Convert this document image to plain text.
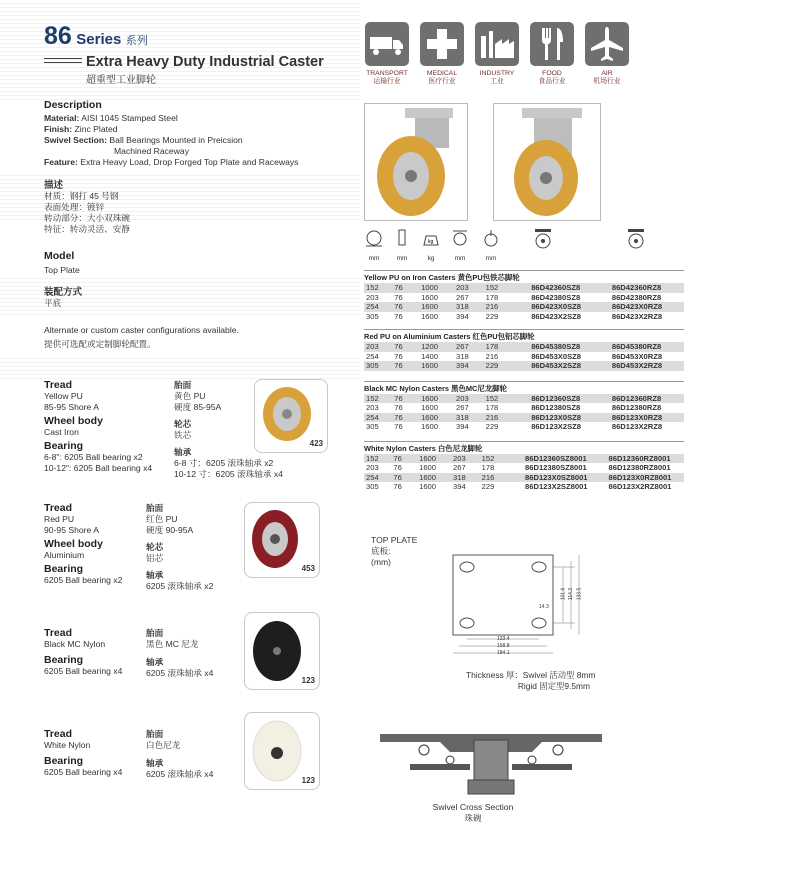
86 Series 系列
Extra Heavy Duty Industrial Caster
超重型工业脚轮
TRANSPORT
运输行业
MEDICAL
医疗行业
INDUSTRY
工业
FOOD
食品行业
AIR
机场行业
Description
Material: AISI 1045 Stamped Steel
Finish: Zinc Plated
Swivel Section: Ball Bearings Mounted in Preicsion
Machined Raceway
Feature: Extra Heavy Load, Drop Forged Top Plate and Raceways
描述
材质：钢打 45 号钢
表面处理：镀锌
转动部分：大小双珠碗
特征：转动灵活、安静
Model
Top Plate
装配方式
平底
Alternate or custom caster configurations available.
提供可选配或定制脚轮配置。
Tread
Yellow PU
85-95 Shore A
Wheel body
Cast Iron
Bearing
6-8": 6205 Ball bearing x2
10-12": 6205 Ball bearing x4
胎面
黄色 PU
硬度 85-95A
轮芯
铁芯
轴承
6-8 寸：6205 滚珠轴承 x2
10-12 寸：6205 滚珠轴承 x4
423
Tread
Red PU
90-95 Shore A
Wheel body
Aluminium
Bearing
6205 Ball bearing x2
胎面
红色 PU
硬度 90-95A
轮芯
铝芯
轴承
6205 滚珠轴承 x2
453
Tread
Black MC Nylon
Bearing
6205 Ball bearing x4
胎面
黑色 MC 尼龙
轴承
6205 滚珠轴承 x4
123
Tread
White Nylon
Bearing
6205 Ball bearing x4
胎面
白色尼龙
轴承
6205 滚珠轴承 x4
123
mm	mm
kg
kg	mm	mm
Yellow PU on Iron Casters 黄色PU包铁芯脚轮
152	76	1000	203	152	86D42360SZ8	86D42360RZ8
203	76	1600	267	178	86D42380SZ8	86D42380RZ8
254	76	1600	318	216	86D423X0SZ8	86D423X0RZ8
305	76	1600	394	229	86D423X2SZ8	86D423X2RZ8
Red PU on Aluminium Casters 红色PU包铝芯脚轮
203	76	1200	267	178	86D45380SZ8	86D45380RZ8
254	76	1400	318	216	86D453X0SZ8	86D453X0RZ8
305	76	1600	394	229	86D453X2SZ8	86D453X2RZ8
Black MC Nylon Casters 黑色MC尼龙脚轮
152	76	1600	203	152	86D12360SZ8	86D12360RZ8
203	76	1600	267	178	86D12380SZ8	86D12380RZ8
254	76	1600	318	216	86D123X0SZ8	86D123X0RZ8
305	76	1600	394	229	86D123X2SZ8	86D123X2RZ8
White Nylon Casters 白色尼龙脚轮
152	76	1600	203	152	86D12360SZ8001	86D12360RZ8001
203	76	1600	267	178	86D12380SZ8001	86D12380RZ8001
254	76	1600	318	216	86D123X0SZ8001	86D123X0RZ8001
305	76	1600	394	229	86D123X2SZ8001	86D123X2RZ8001
TOP PLATE
底板:
(mm)
133.4
158.8
184.1
14.3
101.6 114.3 133.5
Thickness 厚：Swivel 活动型 8mm
Rigid 固定型9.5mm
Swivel Cross Section
珠碗
